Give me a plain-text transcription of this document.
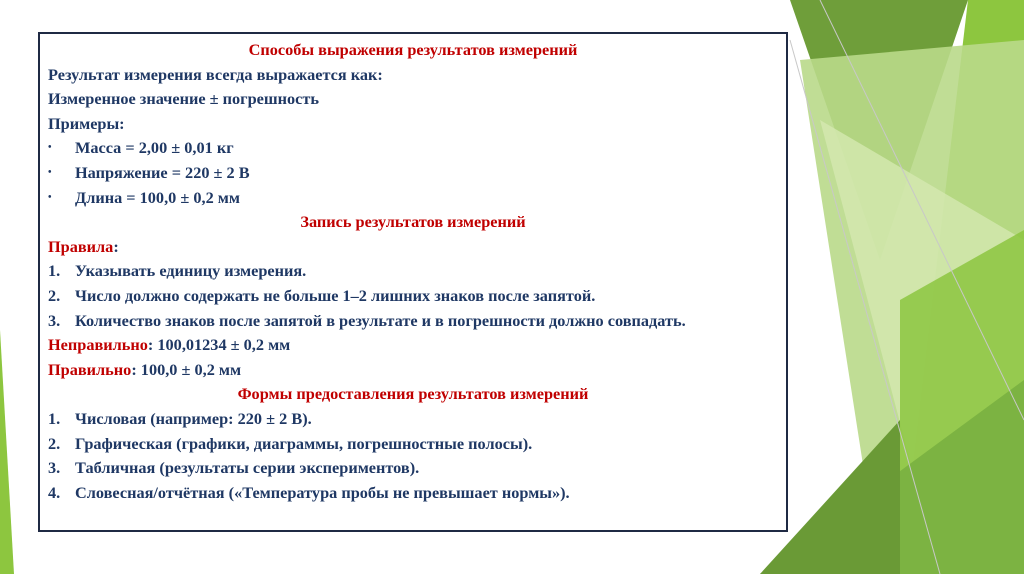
Способы выражения результатов измерений
Результат измерения всегда выражается как:
Измеренное значение ± погрешность
Примеры:
•	Масса = 2,00 ± 0,01 кг
•	Напряжение = 220 ± 2 В
•	Длина = 100,0 ± 0,2 мм
Запись результатов измерений
Правила:
1. Указывать единицу измерения.
2. Число должно содержать не больше 1–2 лишних знаков после запятой.
3. Количество знаков после запятой в результате и в погрешности должно совпадать.
Неправильно: 100,01234 ± 0,2 мм
Правильно: 100,0 ± 0,2 мм
Формы предоставления результатов измерений
1. Числовая (например: 220 ± 2 В).
2. Графическая (графики, диаграммы, погрешностные полосы).
3. Табличная (результаты серии экспериментов).
4. Словесная/отчётная («Температура пробы не превышает нормы»).
